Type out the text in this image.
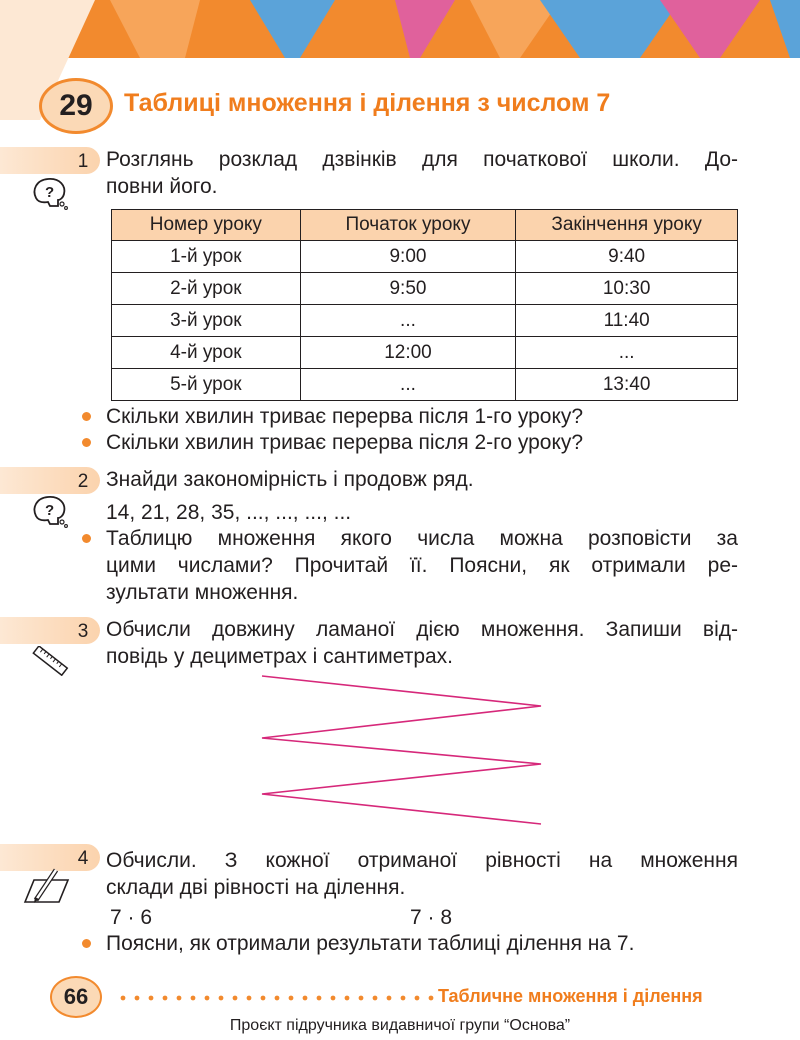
29 Таблиці множення і ділення з числом 7
1
?
Розглянь розклад дзвінків для початкової школи. До-
повни його.
Номер уроку	Початок уроку	Закінчення уроку
1-й урок	9:00	9:40
2-й урок	9:50	10:30
3-й урок	...	11:40
4-й урок	12:00	...
5-й урок	...	13:40
Скільки хвилин триває перерва після 1-го уроку?
Скільки хвилин триває перерва після 2-го уроку?
2
?
Знайди закономірність і продовж ряд.
14, 21, 28, 35, ..., ..., ..., ...
Таблицю множення якого числа можна розповісти за
цими числами? Прочитай її. Поясни, як отримали ре-
зультати множення.
3 Обчисли довжину ламаної дією множення. Запиши від-
повідь у дециметрах і сантиметрах.
4 Обчисли. З кожної отриманої рівності на множення
склади дві рівності на ділення.
7 · 6	7 · 8
Поясни, як отримали результати таблиці ділення на 7.
66	Табличне множення і ділення
Проєкт підручника видавничої групи “Основа”
